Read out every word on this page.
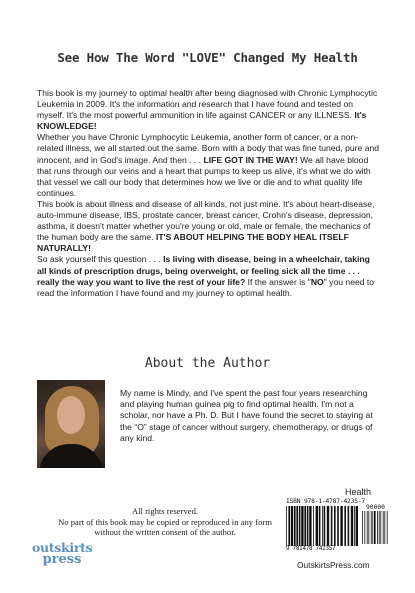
See How The Word "LOVE" Changed My Health

This book is my journey to optimal health after being diagnosed with Chronic Lymphocytic Leukemia in 2009. It's the information and research that I have found and tested on myself. It's the most powerful ammunition in life against CANCER or any ILLNESS. It's KNOWLEDGE!

Whether you have Chronic Lymphocytic Leukemia, another form of cancer, or a non-related illness, we all started out the same. Born with a body that was fine tuned, pure and innocent, and in God's image. And then . . . LIFE GOT IN THE WAY! We all have blood that runs through our veins and a heart that pumps to keep us alive, it's what we do with that vessel we call our body that determines how we live or die and to what quality life continues.

This book is about illness and disease of all kinds, not just mine. It's about heart-disease, auto-immune disease, IBS, prostate cancer, breast cancer, Crohn's disease, depression, asthma, it doesn't matter whether you're young or old, male or female, the mechanics of the human body are the same. IT'S ABOUT HELPING THE BODY HEAL ITSELF NATURALLY!

So ask yourself this question . . . Is living with disease, being in a wheelchair, taking all kinds of prescription drugs, being overweight, or feeling sick all the time . . . really the way you want to live the rest of your life? If the answer is "NO" you need to read the information I have found and my journey to optimal health.

About the Author
My name is Mindy, and I've spent the past four years researching and playing human guinea pig to find optimal health. I'm not a scholar, nor have a Ph. D. But I have found the secret to staying at the “O” stage of cancer without surgery, chemotherapy, or drugs of any kind.
All rights reserved.
No part of this book may be copied or reproduced in any form
without the written consent of the author.
outskirts
press
Health
ISBN 978-1-4787-4235-7
90000
9 781478 742357
OutskirtsPress.com
